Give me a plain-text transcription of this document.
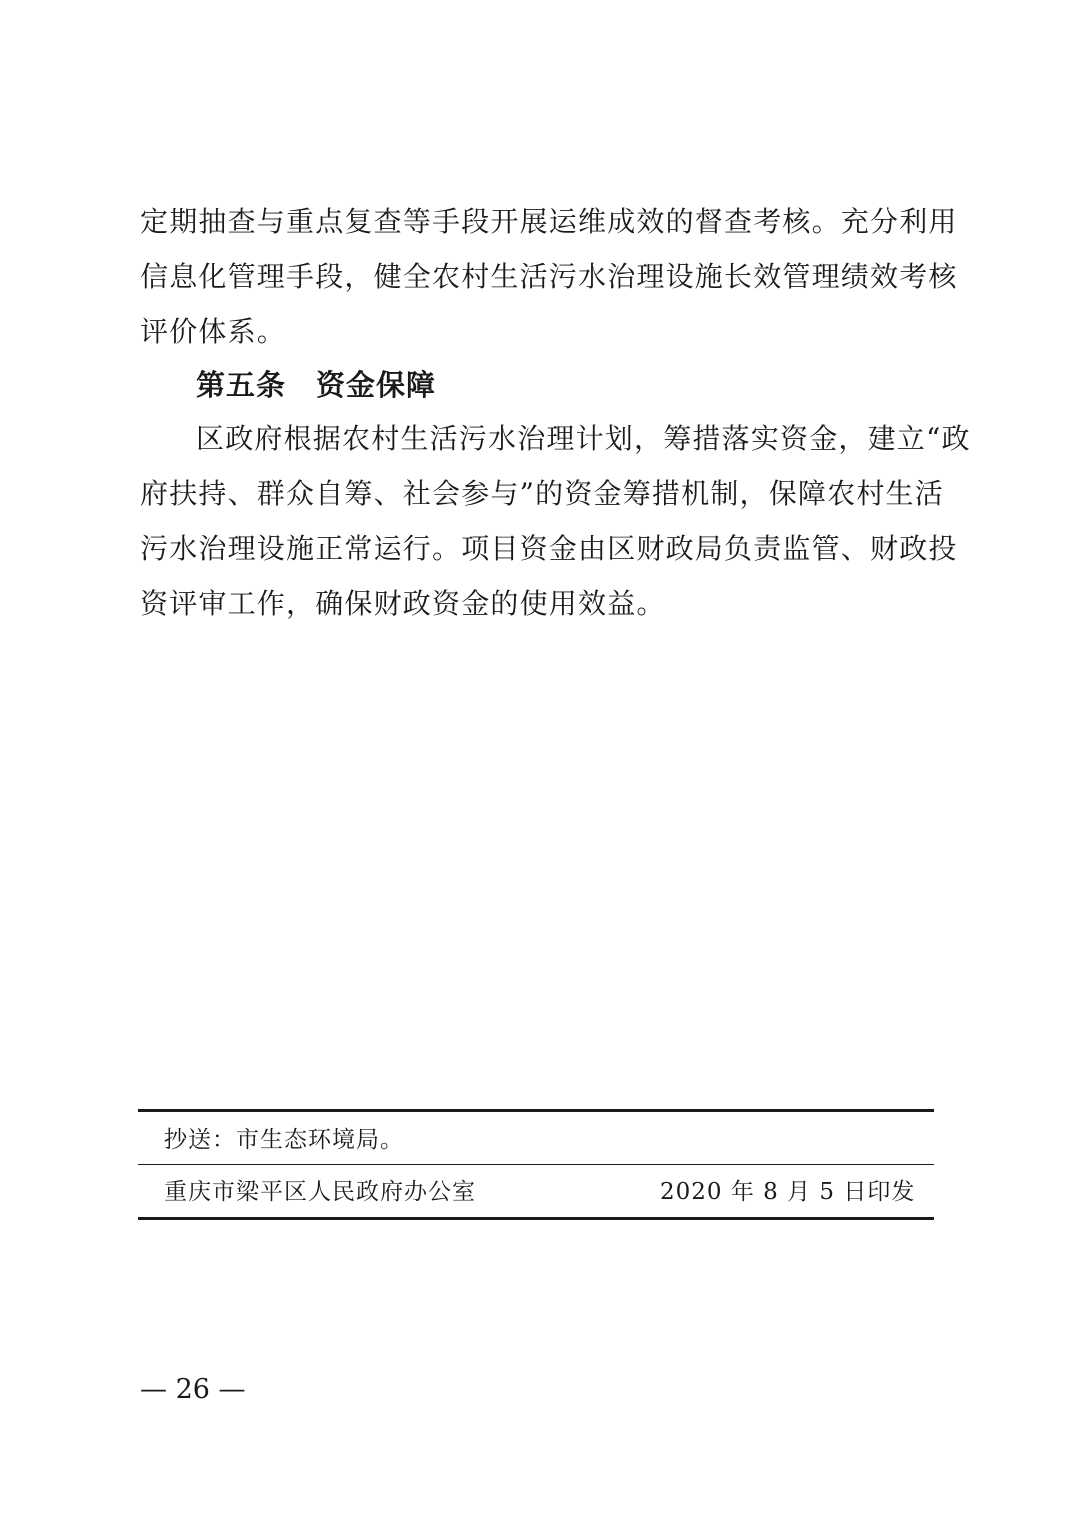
定期抽查与重点复查等手段开展运维成效的督查考核。充分利用
信息化管理手段，健全农村生活污水治理设施长效管理绩效考核
评价体系。
第五条　资金保障
区政府根据农村生活污水治理计划，筹措落实资金，建立“政
府扶持、群众自筹、社会参与”的资金筹措机制，保障农村生活
污水治理设施正常运行。项目资金由区财政局负责监管、财政投
资评审工作，确保财政资金的使用效益。
抄送：市生态环境局。
重庆市梁平区人民政府办公室	2020 年 8 月 5 日印发
— 26 —
